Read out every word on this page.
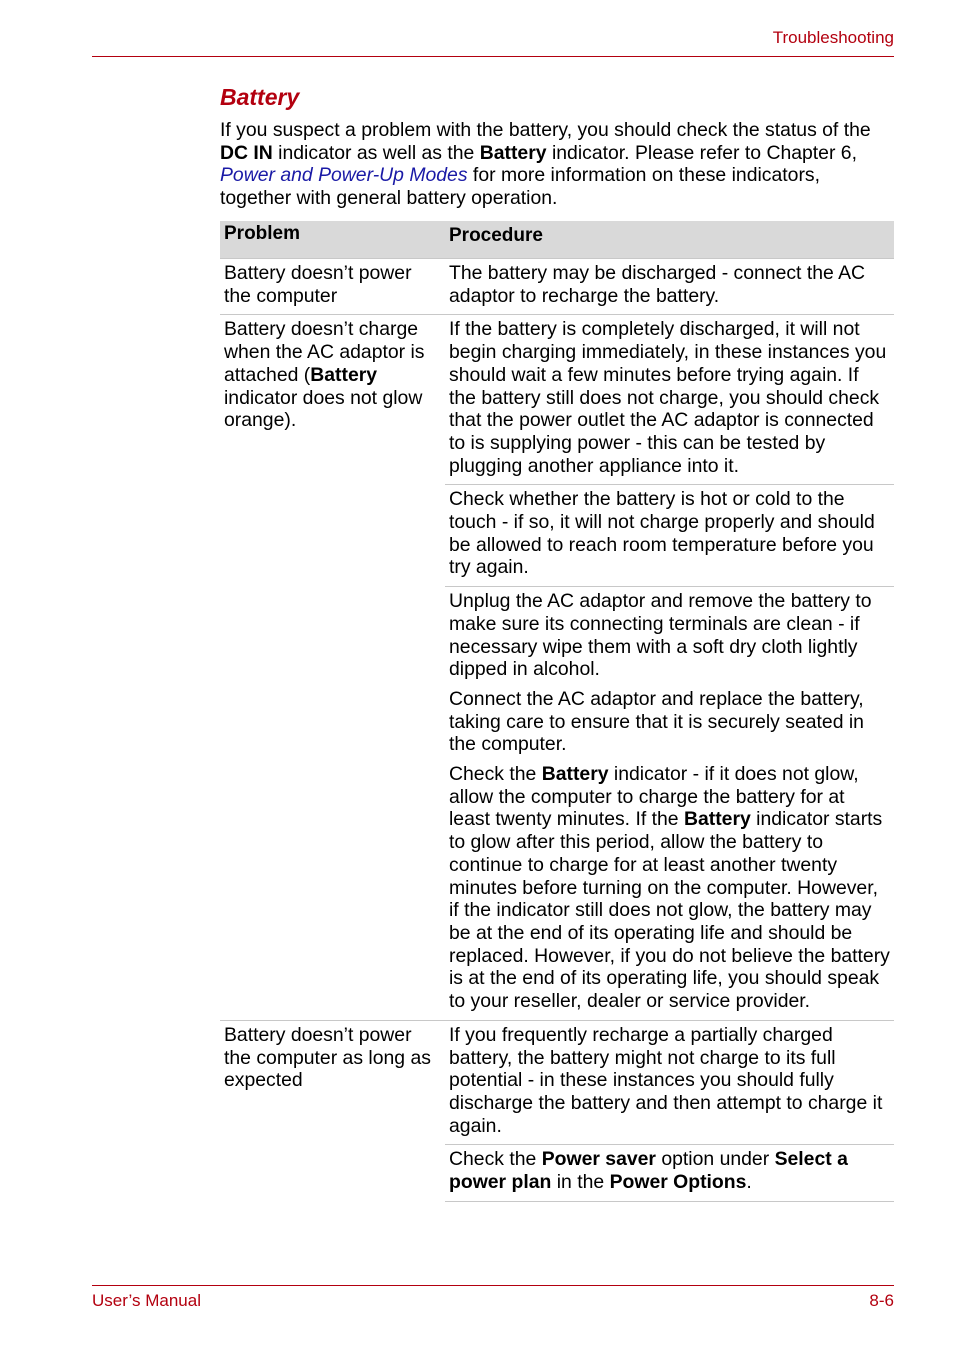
Troubleshooting
Battery

If you suspect a problem with the battery, you should check the status of the DC IN indicator as well as the Battery indicator. Please refer to Chapter 6, Power and Power-Up Modes for more information on these indicators, together with general battery operation.

Problem	Procedure
Battery doesn’t power the computer	The battery may be discharged - connect the AC adaptor to recharge the battery.
Battery doesn’t charge when the AC adaptor is attached (Battery indicator does not glow orange).	If the battery is completely discharged, it will not begin charging immediately, in these instances you should wait a few minutes before trying again. If the battery still does not charge, you should check that the power outlet the AC adaptor is connected to is supplying power - this can be tested by plugging another appliance into it.
	Check whether the battery is hot or cold to the touch - if so, it will not charge properly and should be allowed to reach room temperature before you try again.
	Unplug the AC adaptor and remove the battery to make sure its connecting terminals are clean - if necessary wipe them with a soft dry cloth lightly dipped in alcohol.
	Connect the AC adaptor and replace the battery, taking care to ensure that it is securely seated in the computer.
	Check the Battery indicator - if it does not glow, allow the computer to charge the battery for at least twenty minutes. If the Battery indicator starts to glow after this period, allow the battery to continue to charge for at least another twenty minutes before turning on the computer. However, if the indicator still does not glow, the battery may be at the end of its operating life and should be replaced. However, if you do not believe the battery is at the end of its operating life, you should speak to your reseller, dealer or service provider.
Battery doesn’t power the computer as long as expected	If you frequently recharge a partially charged battery, the battery might not charge to its full potential - in these instances you should fully discharge the battery and then attempt to charge it again.
	Check the Power saver option under Select a power plan in the Power Options.
User’s Manual	8-6
